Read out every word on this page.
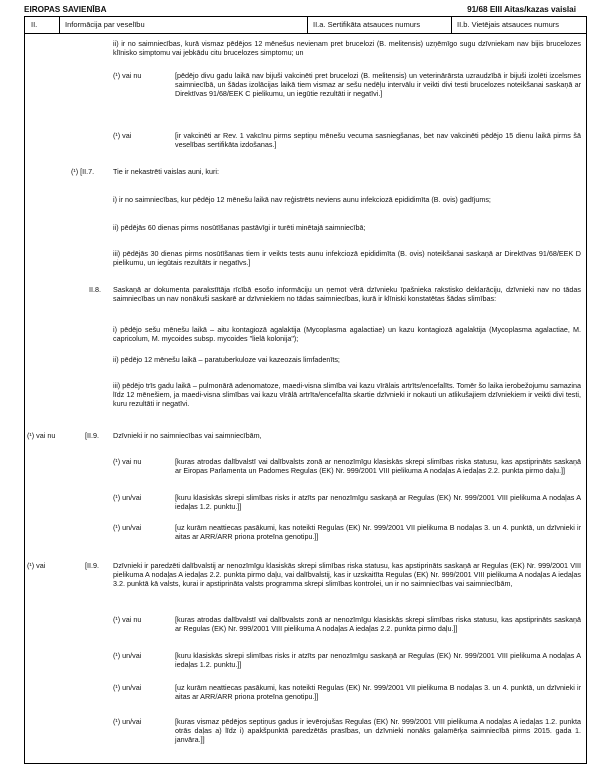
EIROPAS SAVIENĪBA	91/68 EIII Aitas/kazas vaislai
II.	Informācija par veselību	II.a. Sertifikāta atsauces numurs	II.b. Vietējais atsauces numurs
ii) ir no saimniecības, kurā vismaz pēdējos 12 mēnešus nevienam pret brucelozi (B. melitensis) uzņēmīgo sugu dzīvniekam nav bijis brucelozes klīnisko simptomu vai jebkādu citu brucelozes simptomu; un
(¹) vai nu	[pēdējo divu gadu laikā nav bijuši vakcinēti pret brucelozi (B. melitensis) un veterinārārsta uzraudzībā ir bijuši izolēti izcelsmes saimniecībā, un šādas izolācijas laikā tiem vismaz ar sešu nedēļu intervālu ir veikti divi testi brucelozes noteikšanai saskaņā ar Direktīvas 91/68/EEK C pielikumu, un iegūtie rezultāti ir negatīvi.]
(¹) vai	[ir vakcinēti ar Rev. 1 vakcīnu pirms septiņu mēnešu vecuma sasniegšanas, bet nav vakcinēti pēdējo 15 dienu laikā pirms šā veselības sertifikāta izdošanas.]
(¹) [II.7.	Tie ir nekastrēti vaislas auni, kuri:
i) ir no saimniecības, kur pēdējo 12 mēnešu laikā nav reģistrēts neviens aunu infekciozā epididimīta (B. ovis) gadījums;
ii) pēdējās 60 dienas pirms nosūtīšanas pastāvīgi ir turēti minētajā saimniecībā;
iii) pēdējās 30 dienas pirms nosūtīšanas tiem ir veikts tests aunu infekciozā epididimīta (B. ovis) noteikšanai saskaņā ar Direktīvas 91/68/EEK D pielikumu, un iegūtais rezultāts ir negatīvs.]
II.8. Saskaņā ar dokumenta parakstītāja rīcībā esošo informāciju un ņemot vērā dzīvnieku īpašnieka rakstisko deklarāciju, dzīvnieki nav no tādas saimniecības un nav nonākuši saskarē ar dzīvniekiem no tādas saimniecības, kurā ir klīniski konstatētas šādas slimības:
i) pēdējo sešu mēnešu laikā – aitu kontagiozā agalaktija (Mycoplasma agalactiae) un kazu kontagiozā agalaktija (Mycoplasma agalactiae, M. capricolum, M. mycoides subsp. mycoides "lielā kolonija");
ii) pēdējo 12 mēnešu laikā – paratuberkuloze vai kazeozais limfadenīts;
iii) pēdējo trīs gadu laikā – pulmonārā adenomatoze, maedi-visna slimība vai kazu vīrālais artrīts/encefalīts. Tomēr šo laika ierobežojumu samazina līdz 12 mēnešiem, ja maedi-visna slimības vai kazu vīrālā artrīta/encefalīta skartie dzīvnieki ir nokauti un atlikušajiem dzīvniekiem ir veikti divi testi, kuru rezultāti ir negatīvi.
(¹) vai nu	[II.9. Dzīvnieki ir no saimniecības vai saimniecībām,
(¹) vai nu	[kuras atrodas dalībvalstī vai dalībvalsts zonā ar nenozīmīgu klasiskās skrepi slimības riska statusu, kas apstiprināts saskaņā ar Eiropas Parlamenta un Padomes Regulas (EK) Nr. 999/2001 VIII pielikuma A nodaļas A iedaļas 2.2. punkta pirmo daļu.]]
(¹) un/vai	[kuru klasiskās skrepi slimības risks ir atzīts par nenozīmīgu saskaņā ar Regulas (EK) Nr. 999/2001 VIII pielikuma A nodaļas A iedaļas 1.2. punktu.]]
(¹) un/vai	[uz kurām neattiecas pasākumi, kas noteikti Regulas (EK) Nr. 999/2001 VII pielikuma B nodaļas 3. un 4. punktā, un dzīvnieki ir aitas ar ARR/ARR priona proteīna genotipu.]]
(¹) vai	[II.9. Dzīvnieki ir paredzēti dalībvalstij ar nenozīmīgu klasiskās skrepi slimības riska statusu, kas apstiprināts saskaņā ar Regulas (EK) Nr. 999/2001 VIII pielikuma A nodaļas A iedaļas 2.2. punkta pirmo daļu, vai dalībvalstij, kas ir uzskaitīta Regulas (EK) Nr. 999/2001 VIII pielikuma A nodaļas A iedaļas 3.2. punktā kā valsts, kurai ir apstiprināta valsts programma skrepi slimības kontrolei, un ir no saimniecības vai saimniecībām,
(¹) vai nu	[kuras atrodas dalībvalstī vai dalībvalsts zonā ar nenozīmīgu klasiskās skrepi slimības riska statusu, kas apstiprināts saskaņā ar Regulas (EK) Nr. 999/2001 VIII pielikuma A nodaļas A iedaļas 2.2. punkta pirmo daļu.]]
(¹) un/vai	[kuru klasiskās skrepi slimības risks ir atzīts par nenozīmīgu saskaņā ar Regulas (EK) Nr. 999/2001 VIII pielikuma A nodaļas A iedaļas 1.2. punktu.]]
(¹) un/vai	[uz kurām neattiecas pasākumi, kas noteikti Regulas (EK) Nr. 999/2001 VII pielikuma B nodaļas 3. un 4. punktā, un dzīvnieki ir aitas ar ARR/ARR priona proteīna genotipu.]]
(¹) un/vai	[kuras vismaz pēdējos septiņus gadus ir ievērojušas Regulas (EK) Nr. 999/2001 VIII pielikuma A nodaļas A iedaļas 1.2. punkta otrās daļas a) līdz i) apakšpunktā paredzētās prasības, un dzīvnieki nonāks galamērķa saimniecībā pirms 2015. gada 1. janvāra.]]
